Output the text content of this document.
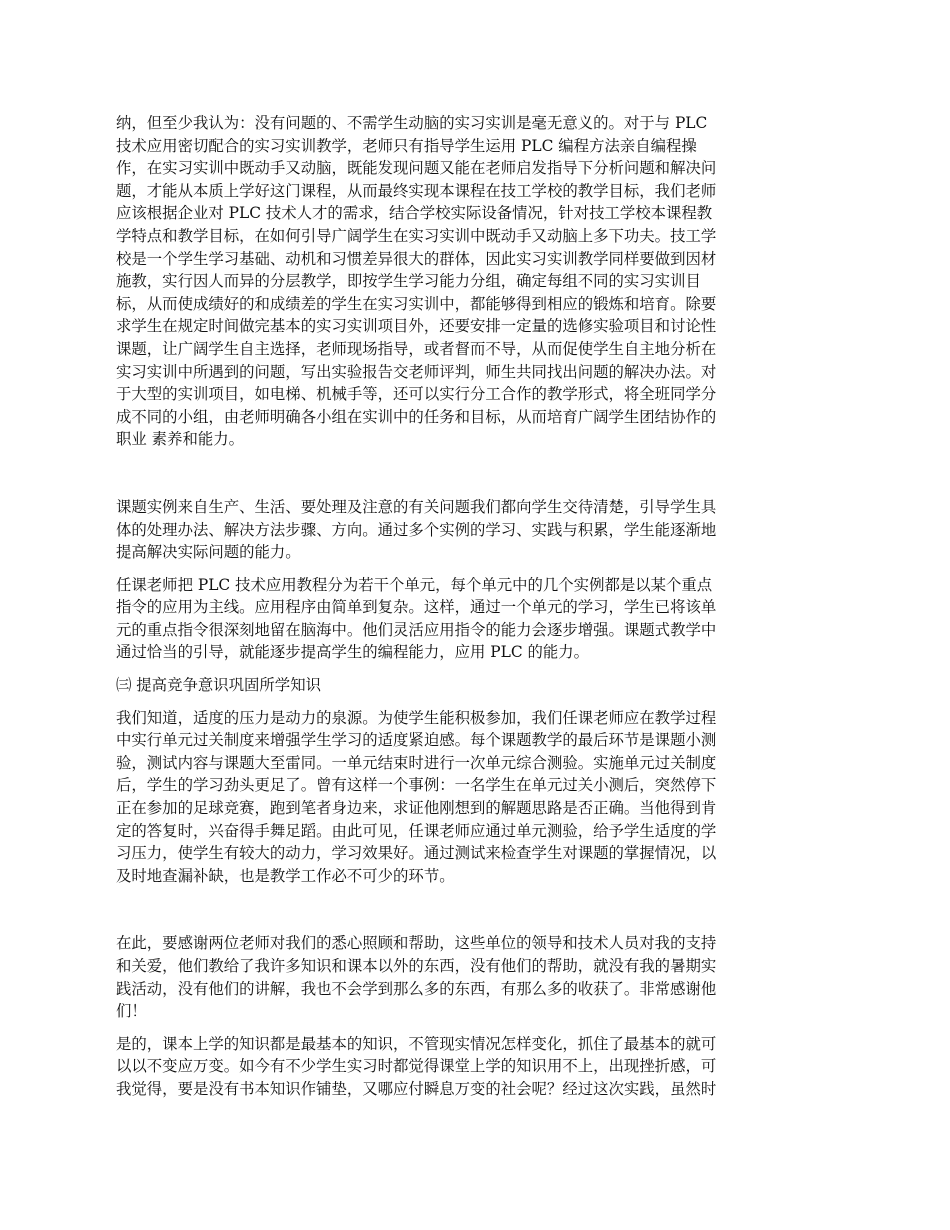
纳，但至少我认为：没有问题的、不需学生动脑的实习实训是毫无意义的。对于与 PLC
技术应用密切配合的实习实训教学，老师只有指导学生运用 PLC 编程方法亲自编程操
作，在实习实训中既动手又动脑，既能发现问题又能在老师启发指导下分析问题和解决问
题，才能从本质上学好这门课程，从而最终实现本课程在技工学校的教学目标，我们老师
应该根据企业对 PLC 技术人才的需求，结合学校实际设备情况，针对技工学校本课程教
学特点和教学目标，在如何引导广阔学生在实习实训中既动手又动脑上多下功夫。技工学
校是一个学生学习基础、动机和习惯差异很大的群体，因此实习实训教学同样要做到因材
施教，实行因人而异的分层教学，即按学生学习能力分组，确定每组不同的实习实训目
标，从而使成绩好的和成绩差的学生在实习实训中，都能够得到相应的锻炼和培育。除要
求学生在规定时间做完基本的实习实训项目外，还要安排一定量的选修实验项目和讨论性
课题，让广阔学生自主选择，老师现场指导，或者督而不导，从而促使学生自主地分析在
实习实训中所遇到的问题，写出实验报告交老师评判，师生共同找出问题的解决办法。对
于大型的实训项目，如电梯、机械手等，还可以实行分工合作的教学形式，将全班同学分
成不同的小组，由老师明确各小组在实训中的任务和目标，从而培育广阔学生团结协作的
职业 素养和能力。

课题实例来自生产、生活、要处理及注意的有关问题我们都向学生交待清楚，引导学生具
体的处理办法、解决方法步骤、方向。通过多个实例的学习、实践与积累，学生能逐渐地
提高解决实际问题的能力。

任课老师把 PLC 技术应用教程分为若干个单元，每个单元中的几个实例都是以某个重点
指令的应用为主线。应用程序由简单到复杂。这样，通过一个单元的学习，学生已将该单
元的重点指令很深刻地留在脑海中。他们灵活应用指令的能力会逐步增强。课题式教学中
通过恰当的引导，就能逐步提高学生的编程能力，应用 PLC 的能力。

㈢ 提高竞争意识巩固所学知识

我们知道，适度的压力是动力的泉源。为使学生能积极参加，我们任课老师应在教学过程
中实行单元过关制度来增强学生学习的适度紧迫感。每个课题教学的最后环节是课题小测
验，测试内容与课题大至雷同。一单元结束时进行一次单元综合测验。实施单元过关制度
后，学生的学习劲头更足了。曾有这样一个事例：一名学生在单元过关小测后，突然停下
正在参加的足球竞赛，跑到笔者身边来，求证他刚想到的解题思路是否正确。当他得到肯
定的答复时，兴奋得手舞足蹈。由此可见，任课老师应通过单元测验，给予学生适度的学
习压力，使学生有较大的动力，学习效果好。通过测试来检查学生对课题的掌握情况，以
及时地查漏补缺，也是教学工作必不可少的环节。

在此，要感谢两位老师对我们的悉心照顾和帮助，这些单位的领导和技术人员对我的支持
和关爱，他们教给了我许多知识和课本以外的东西，没有他们的帮助，就没有我的暑期实
践活动，没有他们的讲解，我也不会学到那么多的东西，有那么多的收获了。非常感谢他
们！

是的，课本上学的知识都是最基本的知识，不管现实情况怎样变化，抓住了最基本的就可
以以不变应万变。如今有不少学生实习时都觉得课堂上学的知识用不上，出现挫折感，可
我觉得，要是没有书本知识作铺垫，又哪应付瞬息万变的社会呢？经过这次实践，虽然时
